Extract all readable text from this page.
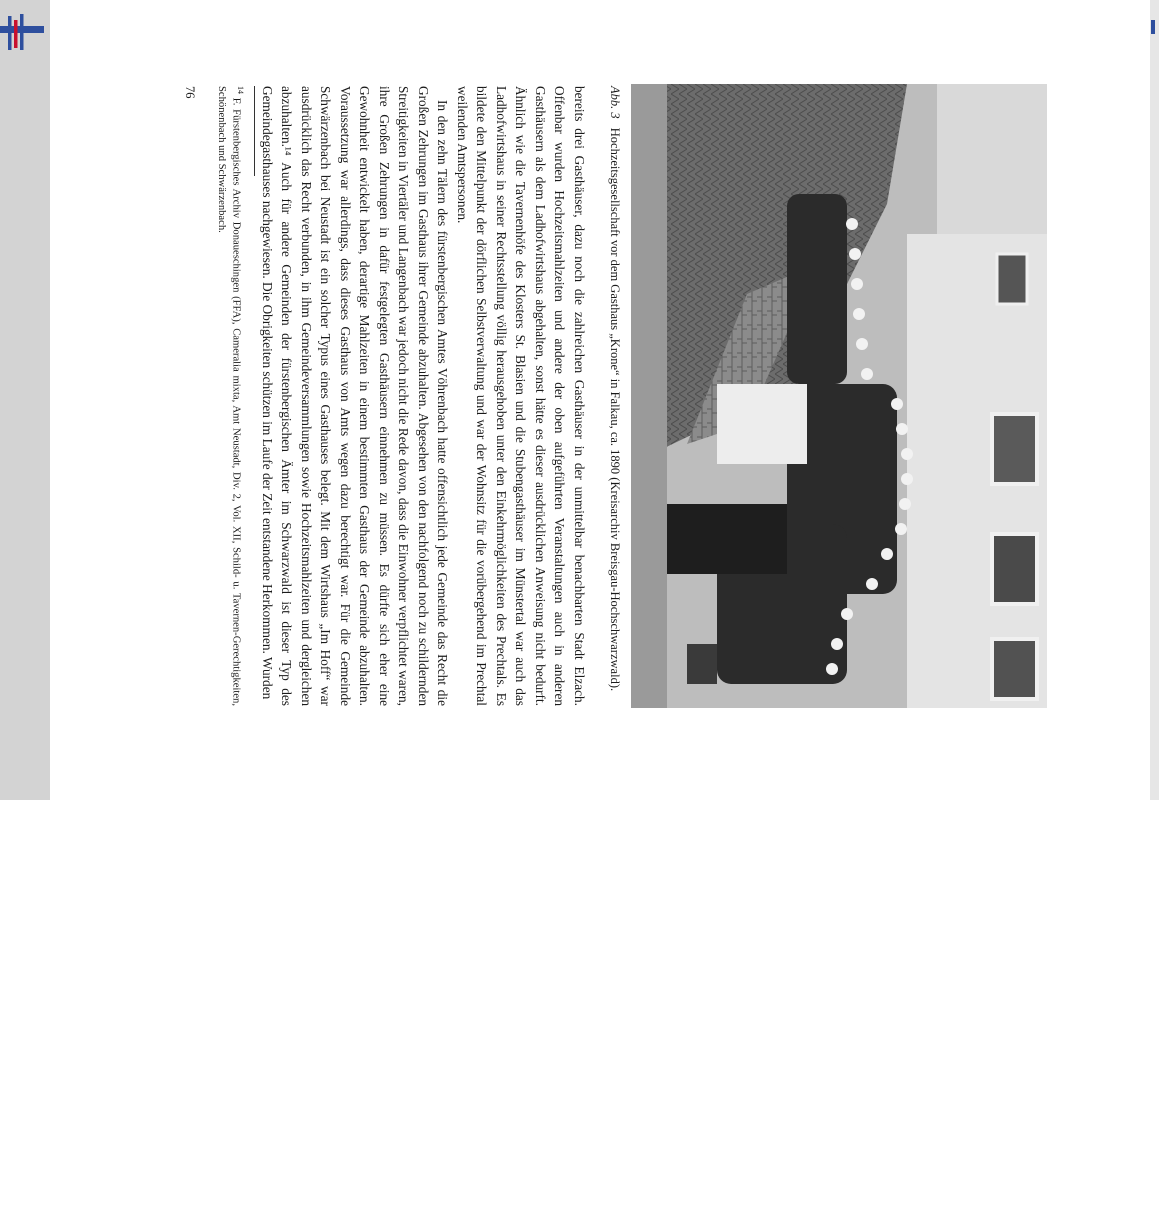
Abb. 3 Hochzeitsgesellschaft vor dem Gasthaus „Krone“ in Falkau, ca. 1890 (Kreisarchiv Breisgau-Hochschwarzwald).

bereits drei Gasthäuser, dazu noch die zahlreichen Gasthäuser in der unmittelbar benachbarten Stadt Elzach. Offenbar wurden Hochzeitsmahlzeiten und andere der oben aufgeführten Veranstaltungen auch in anderen Gasthäusern als dem Ladhofwirtshaus abgehalten, sonst hätte es dieser ausdrücklichen Anweisung nicht bedurft. Ähnlich wie die Tavernenhöfe des Klosters St. Blasien und die Stubengasthäuser im Münstertal war auch das Ladhofwirtshaus in seiner Rechtsstellung völlig herausgehoben unter den Einkehrmöglichkeiten des Prechtals. Es bildete den Mittelpunkt der dörflichen Selbstverwaltung und war der Wohnsitz für die vorübergehend im Prechtal weilenden Amtspersonen.

In den zehn Tälern des fürstenbergischen Amtes Vöhrenbach hatte offensichtlich jede Gemeinde das Recht die Großen Zehrungen im Gasthaus ihrer Gemeinde abzuhalten. Abgesehen von den nachfolgend noch zu schildernden Streitigkeiten in Viertäler und Langenbach war jedoch nicht die Rede davon, dass die Einwohner verpflichtet waren, ihre Großen Zehrungen in dafür festgelegten Gasthäusern einnehmen zu müssen. Es dürfte sich eher eine Gewohnheit entwickelt haben, derartige Mahlzeiten in einem bestimmten Gasthaus der Gemeinde abzuhalten. Voraussetzung war allerdings, dass dieses Gasthaus von Amts wegen dazu berechtigt war. Für die Gemeinde Schwärzenbach bei Neustadt ist ein solcher Typus eines Gasthauses belegt. Mit dem Wirtshaus „Im Hoff“ war ausdrücklich das Recht verbunden, in ihm Gemeindeversammlungen sowie Hochzeitsmahlzeiten und dergleichen abzuhalten.¹⁴ Auch für andere Gemeinden der fürstenbergischen Ämter im Schwarzwald ist dieser Typ des Gemeindegasthauses nachgewiesen. Die Obrigkeiten schützen im Laufe der Zeit entstandene Herkommen. Wurden

$^{14}$ F. Fürstenbergisches Archiv Donaueschingen (FFA), Cameralia mixta, Amt Neustadt, Div. 2, Vol. XII, Schild- u. Tavernen-Gerechtigkeiten, Schönenbach und Schwärzenbach.
76
